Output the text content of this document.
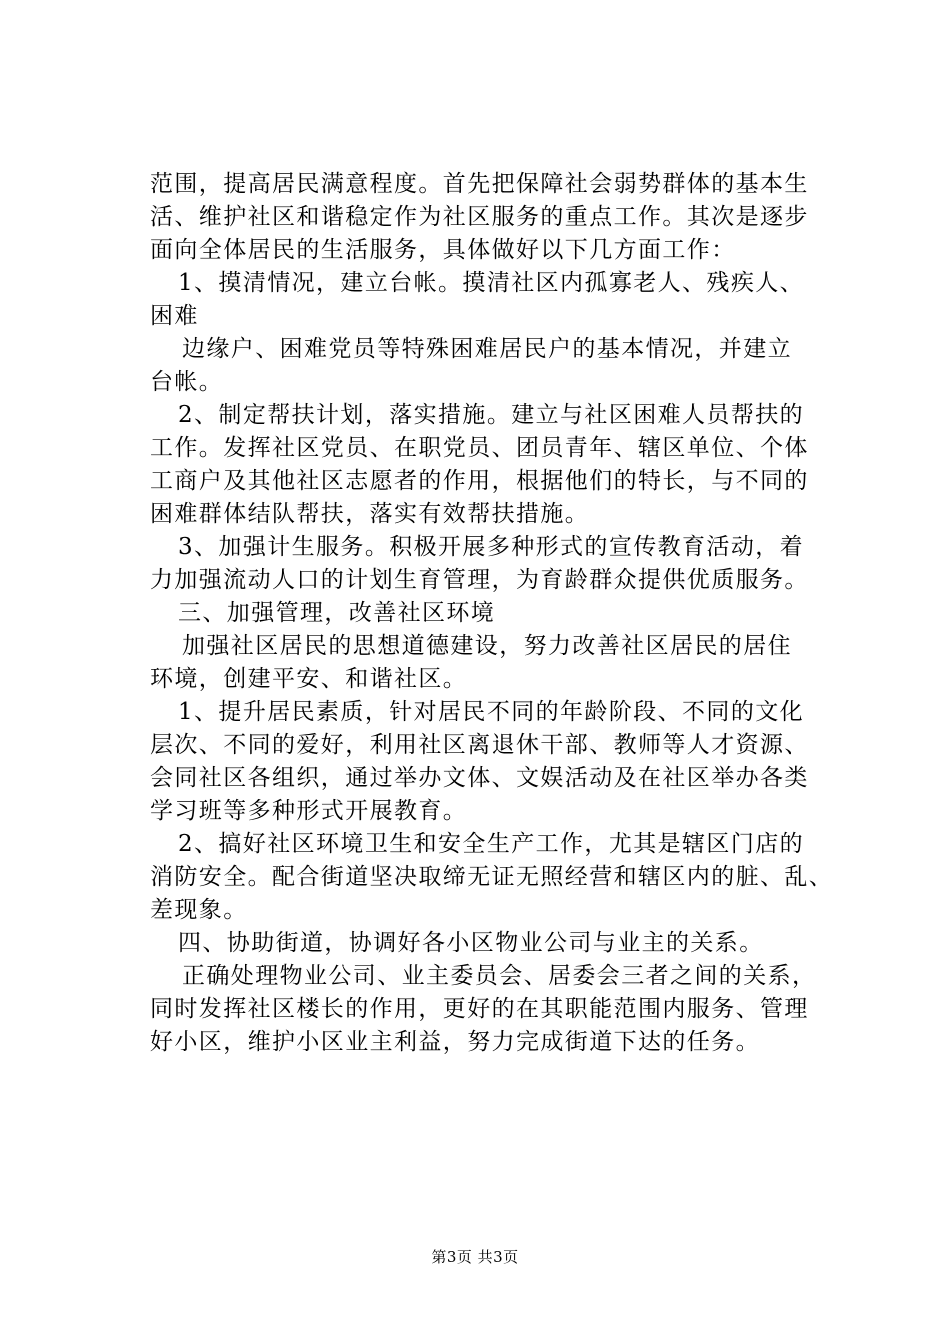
范围，提高居民满意程度。首先把保障社会弱势群体的基本生

活、维护社区和谐稳定作为社区服务的重点工作。其次是逐步

面向全体居民的生活服务，具体做好以下几方面工作：

1、摸清情况，建立台帐。摸清社区内孤寡老人、残疾人、

困难

边缘户、困难党员等特殊困难居民户的基本情况，并建立

台帐。

2、制定帮扶计划，落实措施。建立与社区困难人员帮扶的

工作。发挥社区党员、在职党员、团员青年、辖区单位、个体

工商户及其他社区志愿者的作用，根据他们的特长，与不同的

困难群体结队帮扶，落实有效帮扶措施。

3、加强计生服务。积极开展多种形式的宣传教育活动，着

力加强流动人口的计划生育管理，为育龄群众提供优质服务。

三、加强管理，改善社区环境

加强社区居民的思想道德建设，努力改善社区居民的居住

环境，创建平安、和谐社区。

1、提升居民素质，针对居民不同的年龄阶段、不同的文化

层次、不同的爱好，利用社区离退休干部、教师等人才资源、

会同社区各组织，通过举办文体、文娱活动及在社区举办各类

学习班等多种形式开展教育。

2、搞好社区环境卫生和安全生产工作，尤其是辖区门店的

消防安全。配合街道坚决取缔无证无照经营和辖区内的脏、乱、

差现象。

四、协助街道，协调好各小区物业公司与业主的关系。

正确处理物业公司、业主委员会、居委会三者之间的关系，

同时发挥社区楼长的作用，更好的在其职能范围内服务、管理

好小区，维护小区业主利益，努力完成街道下达的任务。

第3页 共3页
